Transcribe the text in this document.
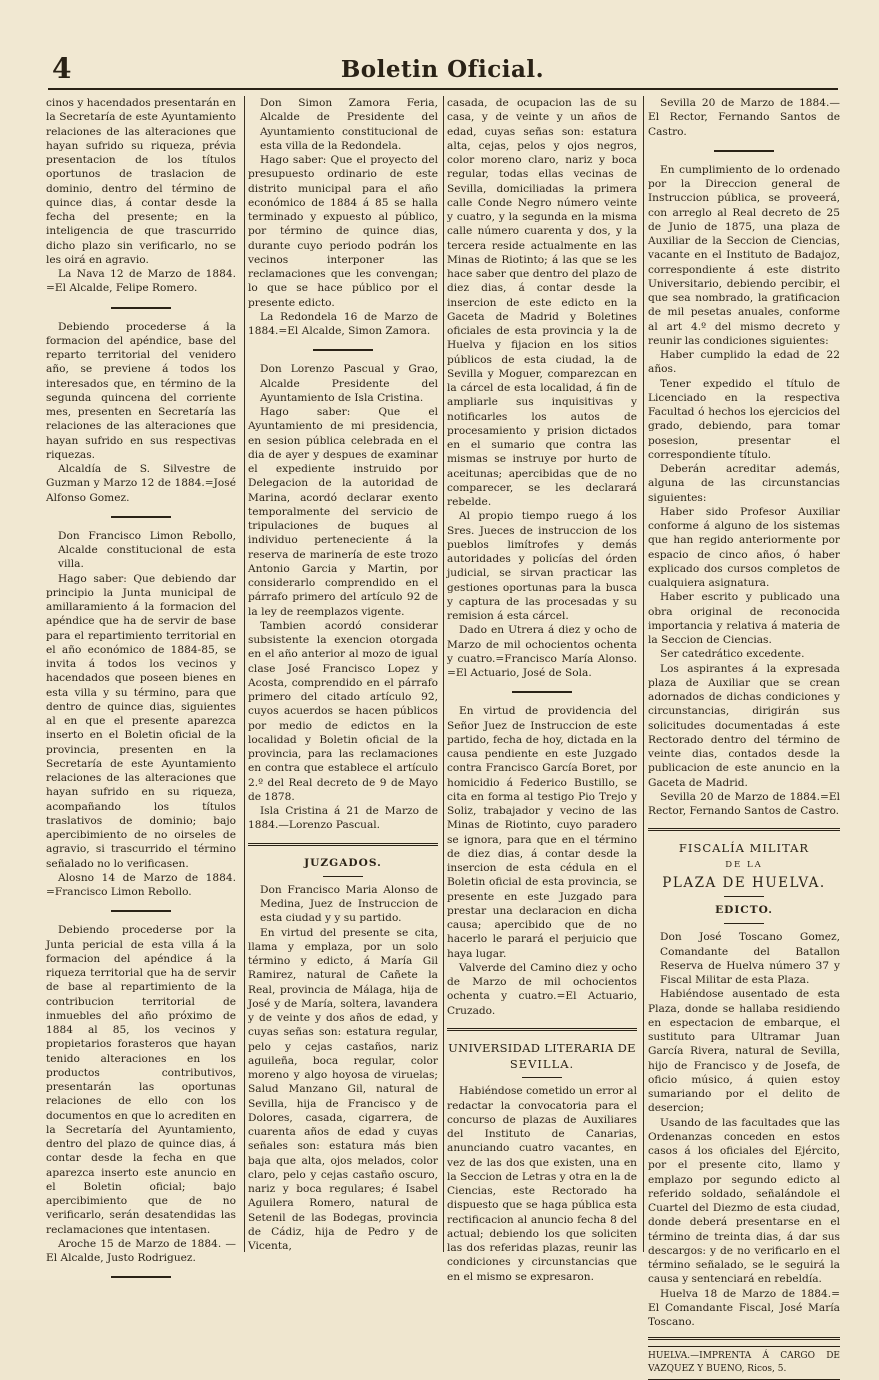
4	Boletin Oficial.

cinos y hacendados presentarán en la Secretaría de este Ayuntamiento relaciones de las alteraciones que hayan sufrido su riqueza, prévia presentacion de los títulos oportunos de traslacion de dominio, dentro del término de quince dias, á contar desde la fecha del presente; en la inteligencia de que trascurrido dicho plazo sin verificarlo, no se les oirá en agravio.

La Nava 12 de Marzo de 1884. =El Alcalde, Felipe Romero.

Debiendo procederse á la formacion del apéndice, base del reparto territorial del venidero año, se previene á todos los interesados que, en término de la segunda quincena del corriente mes, presenten en Secretaría las relaciones de las alteraciones que hayan sufrido en sus respectivas riquezas.

Alcaldía de S. Silvestre de Guzman y Marzo 12 de 1884.=José Alfonso Gomez.

Don Francisco Limon Rebollo, Alcalde constitucional de esta villa.

Hago saber: Que debiendo dar principio la Junta municipal de amillaramiento á la formacion del apéndice que ha de servir de base para el repartimiento territorial en el año económico de 1884-85, se invita á todos los vecinos y hacendados que poseen bienes en esta villa y su término, para que dentro de quince dias, siguientes al en que el presente aparezca inserto en el Boletin oficial de la provincia, presenten en la Secretaría de este Ayuntamiento relaciones de las alteraciones que hayan sufrido en su riqueza, acompañando los títulos traslativos de dominio; bajo apercibimiento de no oirseles de agravio, si trascurrido el término señalado no lo verificasen.

Alosno 14 de Marzo de 1884. =Francisco Limon Rebollo.

Debiendo procederse por la Junta pericial de esta villa á la formacion del apéndice á la riqueza territorial que ha de servir de base al repartimiento de la contribucion territorial de inmuebles del año próximo de 1884 al 85, los vecinos y propietarios forasteros que hayan tenido alteraciones en los productos contributivos, presentarán las oportunas relaciones de ello con los documentos en que lo acrediten en la Secretaría del Ayuntamiento, dentro del plazo de quince dias, á contar desde la fecha en que aparezca inserto este anuncio en el Boletin oficial; bajo apercibimiento que de no verificarlo, serán desatendidas las reclamaciones que intentasen.

Aroche 15 de Marzo de 1884. —El Alcalde, Justo Rodriguez.

Don Simon Zamora Feria, Alcalde de Presidente del Ayuntamiento constitucional de esta villa de la Redondela.

Hago saber: Que el proyecto del presupuesto ordinario de este distrito municipal para el año económico de 1884 á 85 se halla terminado y expuesto al público, por término de quince dias, durante cuyo periodo podrán los vecinos interponer las reclamaciones que les convengan; lo que se hace público por el presente edicto.

La Redondela 16 de Marzo de 1884.=El Alcalde, Simon Zamora.

Don Lorenzo Pascual y Grao, Alcalde Presidente del Ayuntamiento de Isla Cristina.

Hago saber: Que el Ayuntamiento de mi presidencia, en sesion pública celebrada en el dia de ayer y despues de examinar el expediente instruido por Delegacion de la autoridad de Marina, acordó declarar exento temporalmente del servicio de tripulaciones de buques al individuo perteneciente á la reserva de marinería de este trozo Antonio Garcia y Martin, por considerarlo comprendido en el párrafo primero del artículo 92 de la ley de reemplazos vigente.

Tambien acordó considerar subsistente la exencion otorgada en el año anterior al mozo de igual clase José Francisco Lopez y Acosta, comprendido en el párrafo primero del citado artículo 92, cuyos acuerdos se hacen públicos por medio de edictos en la localidad y Boletin oficial de la provincia, para las reclamaciones en contra que establece el artículo 2.º del Real decreto de 9 de Mayo de 1878.

Isla Cristina á 21 de Marzo de 1884.—Lorenzo Pascual.

JUZGADOS.

Don Francisco Maria Alonso de Medina, Juez de Instruccion de esta ciudad y y su partido.

En virtud del presente se cita, llama y emplaza, por un solo término y edicto, á María Gil Ramirez, natural de Cañete la Real, provincia de Málaga, hija de José y de María, soltera, lavandera y de veinte y dos años de edad, y cuyas señas son: estatura regular, pelo y cejas castaños, nariz aguileña, boca regular, color moreno y algo hoyosa de viruelas; Salud Manzano Gil, natural de Sevilla, hija de Francisco y de Dolores, casada, cigarrera, de cuarenta años de edad y cuyas señales son: estatura más bien baja que alta, ojos melados, color claro, pelo y cejas castaño oscuro, nariz y boca regulares; é Isabel Aguilera Romero, natural de Setenil de las Bodegas, provincia de Cádiz, hija de Pedro y de Vicenta,

casada, de ocupacion las de su casa, y de veinte y un años de edad, cuyas señas son: estatura alta, cejas, pelos y ojos negros, color moreno claro, nariz y boca regular, todas ellas vecinas de Sevilla, domiciliadas la primera calle Conde Negro número veinte y cuatro, y la segunda en la misma calle número cuarenta y dos, y la tercera reside actualmente en las Minas de Riotinto; á las que se les hace saber que dentro del plazo de diez dias, á contar desde la insercion de este edicto en la Gaceta de Madrid y Boletines oficiales de esta provincia y la de Huelva y fijacion en los sitios públicos de esta ciudad, la de Sevilla y Moguer, comparezcan en la cárcel de esta localidad, á fin de ampliarle sus inquisitivas y notificarles los autos de procesamiento y prision dictados en el sumario que contra las mismas se instruye por hurto de aceitunas; apercibidas que de no comparecer, se les declarará rebelde.

Al propio tiempo ruego á los Sres. Jueces de instruccion de los pueblos limítrofes y demás autoridades y policías del órden judicial, se sirvan practicar las gestiones oportunas para la busca y captura de las procesadas y su remision á esta cárcel.

Dado en Utrera á diez y ocho de Marzo de mil ochocientos ochenta y cuatro.=Francisco María Alonso. =El Actuario, José de Sola.

En virtud de providencia del Señor Juez de Instruccion de este partido, fecha de hoy, dictada en la causa pendiente en este Juzgado contra Francisco García Boret, por homicidio á Federico Bustillo, se cita en forma al testigo Pio Trejo y Soliz, trabajador y vecino de las Minas de Riotinto, cuyo paradero se ignora, para que en el término de diez dias, á contar desde la insercion de esta cédula en el Boletin oficial de esta provincia, se presente en este Juzgado para prestar una declaracion en dicha causa; apercibido que de no hacerlo le parará el perjuicio que haya lugar.

Valverde del Camino diez y ocho de Marzo de mil ochocientos ochenta y cuatro.=El Actuario, Cruzado.

UNIVERSIDAD LITERARIA DE
SEVILLA.

Habiéndose cometido un error al redactar la convocatoria para el concurso de plazas de Auxiliares del Instituto de Canarias, anunciando cuatro vacantes, en vez de las dos que existen, una en la Seccion de Letras y otra en la de Ciencias, este Rectorado ha dispuesto que se haga pública esta rectificacion al anuncio fecha 8 del actual; debiendo los que soliciten las dos referidas plazas, reunir las condiciones y circunstancias que en el mismo se expresaron.

Sevilla 20 de Marzo de 1884.— El Rector, Fernando Santos de Castro.

En cumplimiento de lo ordenado por la Direccion general de Instruccion pública, se proveerá, con arreglo al Real decreto de 25 de Junio de 1875, una plaza de Auxiliar de la Seccion de Ciencias, vacante en el Instituto de Badajoz, correspondiente á este distrito Universitario, debiendo percibir, el que sea nombrado, la gratificacion de mil pesetas anuales, conforme al art 4.º del mismo decreto y reunir las condiciones siguientes:

Haber cumplido la edad de 22 años.

Tener expedido el título de Licenciado en la respectiva Facultad ó hechos los ejercicios del grado, debiendo, para tomar posesion, presentar el correspondiente título.

Deberán acreditar además, alguna de las circunstancias siguientes:

Haber sido Profesor Auxiliar conforme á alguno de los sistemas que han regido anteriormente por espacio de cinco años, ó haber explicado dos cursos completos de cualquiera asignatura.

Haber escrito y publicado una obra original de reconocida importancia y relativa á materia de la Seccion de Ciencias.

Ser catedrático excedente.

Los aspirantes á la expresada plaza de Auxiliar que se crean adornados de dichas condiciones y circunstancias, dirigirán sus solicitudes documentadas á este Rectorado dentro del término de veinte dias, contados desde la publicacion de este anuncio en la Gaceta de Madrid.

Sevilla 20 de Marzo de 1884.=El Rector, Fernando Santos de Castro.

FISCALÍA MILITAR
DE LA
PLAZA DE HUELVA.
EDICTO.

Don José Toscano Gomez, Comandante del Batallon Reserva de Huelva número 37 y Fiscal Militar de esta Plaza.

Habiéndose ausentado de esta Plaza, donde se hallaba residiendo en espectacion de embarque, el sustituto para Ultramar Juan García Rivera, natural de Sevilla, hijo de Francisco y de Josefa, de oficio músico, á quien estoy sumariando por el delito de desercion;

Usando de las facultades que las Ordenanzas conceden en estos casos á los oficiales del Ejército, por el presente cito, llamo y emplazo por segundo edicto al referido soldado, señalándole el Cuartel del Diezmo de esta ciudad, donde deberá presentarse en el término de treinta dias, á dar sus descargos: y de no verificarlo en el término señalado, se le seguirá la causa y sentenciará en rebeldía.

Huelva 18 de Marzo de 1884.= El Comandante Fiscal, José María Toscano.

HUELVA.—IMPRENTA Á CARGO DE VAZQUEZ Y BUENO, Ricos, 5.
